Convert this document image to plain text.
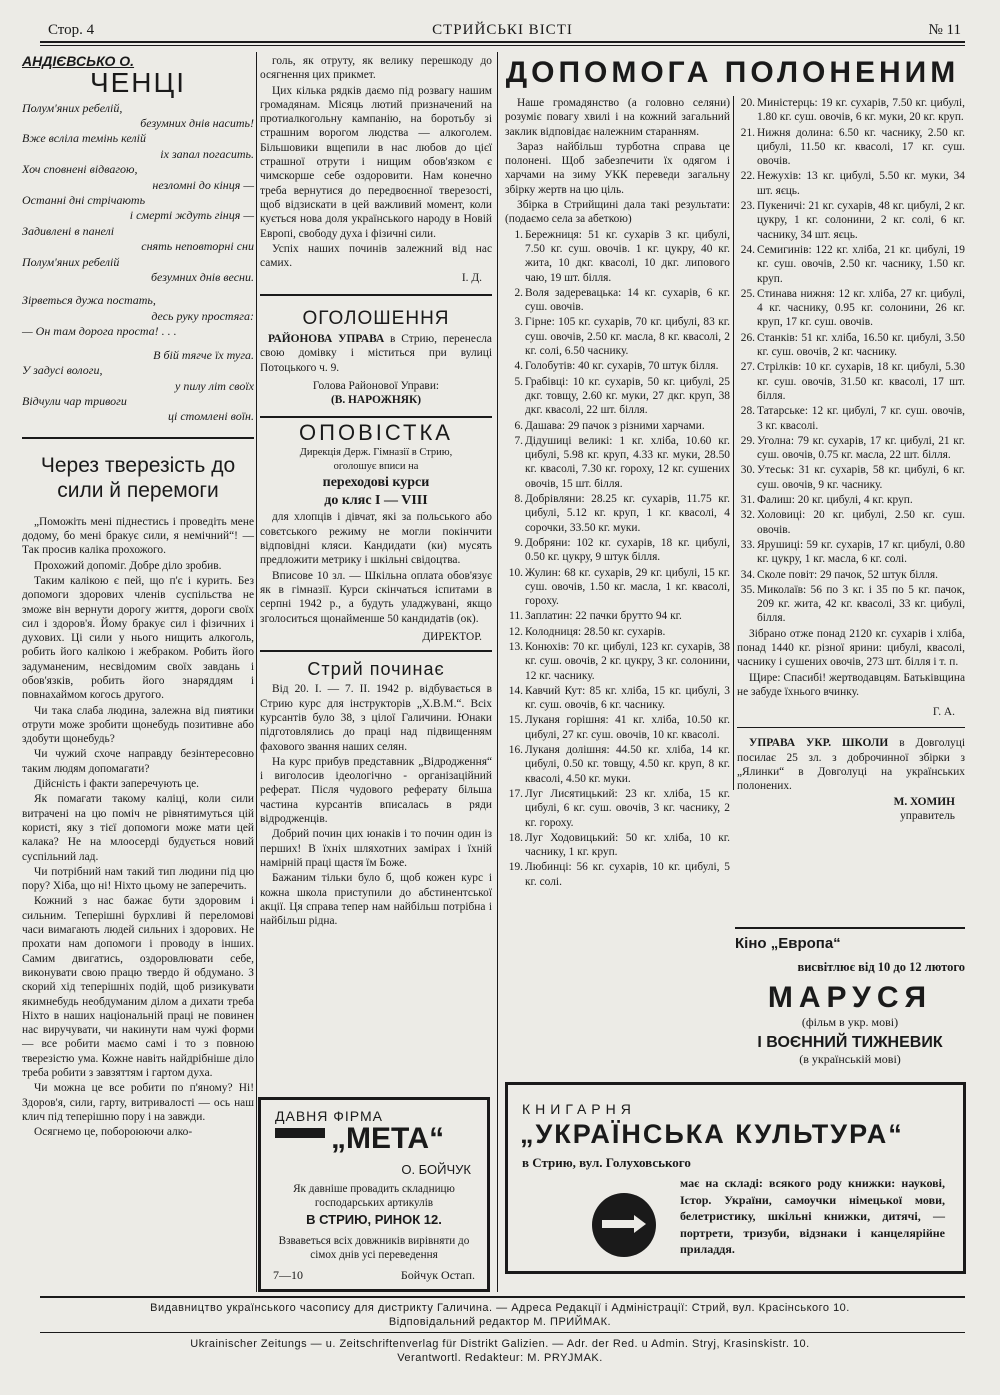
Стор. 4	СТРИЙСЬКІ ВІСТІ	№ 11
АНДІЄВСЬКО О.
ЧЕНЦІ
Полум'яних ребелій,
безумних днів насить!
Вже всліла темінь келій
іх запал погасить.
Хоч сповнені відвагою,
незломні до кінця —
Останні дні стрічають
і смерті ждуть гінця —
Задивлені в панелі
снять неповторні сни
Полум'яних ребелій
безумних днів весни.
Зірветься дужа постать,
десь руку простяга:
— Он там дорога проста! . . .
В бій тягче їх туга.
У задусі вологи,
у пилу літ своїх
Відчули чар тривоги
ці стомлені воїн.
Через тверезість до сили й перемоги

„Поможіть мені піднестись і проведіть мене додому, бо мені бракує сили, я немічний“! — Так просив калiка прохожого.

Прохожий допоміг. Добре діло зробив.

Таким калікою є пей, що п'є і курить. Без допомоги здорових членів суспільства не зможе він вернути дорогу життя, дороги своїх сил і здоров'я. Йому бракує сил і фізичних і духових. Ці сили у нього нищить алкоголь, робить його калікою і жебраком. Робить його задуманеним, несвідомим своїх завдань і обов'язків, робить його знаряддям і повнахаймом когось другого.

Чи така слаба людина, залежна від пиятики отрути може зробити щонебудь позитивне або здобути щонебудь?

Чи чужий схоче направду безінтересовно таким людям допомагати?

Дійсність і факти заперечують це.

Як помагати такому каліці, коли сили витрачені на цю поміч не рівнятимуться цій користі, яку з тієї допомоги може мати цей калака? Не на млоосерді будується новий суспільний лад.

Чи потрібний нам такий тип людини під цю пору? Хіба, що ні! Ніхто цьому не заперечить.

Кожний з нас бажає бути здоровим і сильним. Теперішні бурхливі й переломові часи вимагають людей сильних і здорових. Не прохати нам допомоги і проводу в інших. Самим двигатись, оздоровлювати себе, виконувати свою працю твердо й обдумано. З скорий хід теперішніх подій, щоб ризикувати якимнебудь необдуманим ділом а дихати треба Ніхто в наших національній праці не повинен нас виручувати, чи накинути нам чужі форми — все робити маємо самі і то з повною тверезістю ума. Кожне навіть найдрібніше діло треба робити з завзяттям і гартом духа.

Чи можна це все робити по п'яному? Ні! Здоров'я, сили, гарту, витривалості — ось наш клич під теперішню пору і на завжди.

Осягнемо це, побороюючи алко-

голь, як отруту, як велику перешкоду до осягнення цих прикмет.

Цих кілька рядків даємо під розвагу нашим громадянам. Місяць лютий призначений на протиалкогольну кампанію, на боротьбу зі страшним ворогом людства — алкоголем. Більшовики вщепили в нас любов до цієї страшної отрути і нищим обов'язком є чимскорше себе оздоровити. Нам конечно треба вернутися до передвоєнної тверезості, щоб відзискати в цей важливий момент, коли кується нова доля українського народу в Новій Европі, свободу духа і фізичні сили.

Успіх наших починів залежний від нас самих.

І. Д.
ОГОЛОШЕННЯ

РАЙОНОВА УПРАВА в Стрию, перенесла свою домівку і міститься при вулиці Потоцького ч. 9.

Голова Районової Управи:
(В. НАРОЖНЯК)
ОПОВІСТКА
Дирекція Держ. Гімназії в Стрию,
оголошує вписи на
переходові курси
до кляс I — VIII

для хлопців і дівчат, які за польського або совєтського режиму не могли покінчити відповідні кляси. Кандидати (ки) мусять предложити метрику і шкільні свідоцтва.

Вписове 10 зл. — Шкільна оплата обов'язує як в гімназії. Курси скінчаться іспитами в серпні 1942 р., а будуть уладжувані, якщо зголоситься щонайменше 50 кандидатів (ок).

ДИРЕКТОР.
Стрий починає

Від 20. І. — 7. ІІ. 1942 р. відбувається в Стрию курс для інструкторів „Х.В.М.“. Всіх курсантів було 38, з цілої Галичини. Юнаки підготовлялись до праці над підвищенням фахового звання наших селян.

На курс прибув представник „Відродження“ і виголосив ідеологічно - організаційний реферат. Після чудового реферату більша частина курсантів вписалась в ряди відродженців.

Добрий почин цих юнаків і то почин один із перших! В їхніх шляхотних замірах і їхній намірній праці щастя їм Боже.

Бажаним тільки було б, щоб кожен курс і кожна школа приступили до абстинентської акції. Ця справа тепер нам найбільш потрібна і найбільш рідна.

ДАВНЯ ФІРМА
„МЕТА“
О. БОЙЧУК
Як давніше провадить складницю господарських артикулів
В СТРИЮ, РИНОК 12.
Взваветься всіх довжників вирівняти до сімох днів усі переведення
7—10	Бойчук Остап.
ДОПОМОГА ПОЛОНЕНИМ

Наше громадянство (а головно селяни) розуміє повагу хвилі і на кожний загальний заклик відповідає належним старанням.

Зараз найбільш турботна справа це полонені. Щоб забезпечити їх одягом і харчами на зиму УКК переведи загальну збірку жертв на цю ціль.

Збірка в Стрийщині дала такі результати: (подаємо села за абеткою)

1. Бережниця: 51 кг. сухарів 3 кг. цибулі, 7.50 кг. суш. овочів. 1 кг. цукру, 40 кг. жита, 10 дкг. квасолі, 10 дкг. липового чаю, 19 шт. білля.
2. Воля задеревацька: 14 кг. сухарів, 6 кг. суш. овочів.
3. Гірне: 105 кг. сухарів, 70 кг. цибулі, 83 кг. суш. овочів, 2.50 кг. масла, 8 кг. квасолі, 2 кг. солі, 6.50 часнику.
4. Голобутів: 40 кг. сухарів, 70 штук білля.
5. Грабівці: 10 кг. сухарів, 50 кг. цибулі, 25 дкг. товщу, 2.60 кг. муки, 27 дкг. круп, 38 дкг. квасолі, 22 шт. білля.
6. Дашава: 29 пачок з різними харчами.
7. Дідушиці великі: 1 кг. хліба, 10.60 кг. цибулі, 5.98 кг. круп, 4.33 кг. муки, 28.50 кг. квасолі, 7.30 кг. гороху, 12 кг. сушених овочів, 15 шт. білля.
8. Добрівляни: 28.25 кг. сухарів, 11.75 кг. цибулі, 5.12 кг. круп, 1 кг. квасолі, 4 сорочки, 33.50 кг. муки.
9. Добряни: 102 кг. сухарів, 18 кг. цибулі, 0.50 кг. цукру, 9 штук білля.
10. Жулин: 68 кг. сухарів, 29 кг. цибулі, 15 кг. суш. овочів, 1.50 кг. масла, 1 кг. квасолі, гороху.
11. Заплатин: 22 пачки брутто 94 кг.
12. Колодниця: 28.50 кг. сухарів.
13. Конюхів: 70 кг. цибулі, 123 кг. сухарів, 38 кг. суш. овочів, 2 кг. цукру, 3 кг. солонини, 12 кг. часнику.
14. Кавчий Кут: 85 кг. хліба, 15 кг. цибулі, 3 кг. суш. овочів, 6 кг. часнику.
15. Луканя горішня: 41 кг. хліба, 10.50 кг. цибулі, 27 кг. суш. овочів, 10 кг. квасолі.
16. Луканя долішня: 44.50 кг. хліба, 14 кг. цибулі, 0.50 кг. товщу, 4.50 кг. круп, 8 кг. квасолі, 4.50 кг. муки.
17. Луг Лисятицький: 23 кг. хліба, 15 кг. цибулі, 6 кг. суш. овочів, 3 кг. часнику, 2 кг. гороху.
18. Луг Ходовицький: 50 кг. хліба, 10 кг. часнику, 1 кг. круп.
19. Любинці: 56 кг. сухарів, 10 кг. цибулі, 5 кг. солі.
20. Миністерць: 19 кг. сухарів, 7.50 кг. цибулі, 1.80 кг. суш. овочів, 6 кг. муки, 20 кг. круп.
21. Нижня долина: 6.50 кг. часнику, 2.50 кг. цибулі, 11.50 кг. квасолі, 17 кг. суш. овочів.
22. Нежухів: 13 кг. цибулі, 5.50 кг. муки, 34 шт. яєць.
23. Пукеничі: 21 кг. сухарів, 48 кг. цибулі, 2 кг. цукру, 1 кг. солонини, 2 кг. солі, 6 кг. часнику, 34 шт. яєць.
24. Семигинів: 122 кг. хліба, 21 кг. цибулі, 19 кг. суш. овочів, 2.50 кг. часнику, 1.50 кг. круп.
25. Стинава нижня: 12 кг. хліба, 27 кг. цибулі, 4 кг. часнику, 0.95 кг. солонини, 26 кг. круп, 17 кг. суш. овочів.
26. Станків: 51 кг. хліба, 16.50 кг. цибулі, 3.50 кг. суш. овочів, 2 кг. часнику.
27. Стрілків: 10 кг. сухарів, 18 кг. цибулі, 5.30 кг. суш. овочів, 31.50 кг. квасолі, 17 шт. білля.
28. Татарське: 12 кг. цибулі, 7 кг. суш. овочів, 3 кг. квасолі.
29. Уголна: 79 кг. сухарів, 17 кг. цибулі, 21 кг. суш. овочів, 0.75 кг. масла, 22 шт. білля.
30. Утеськ: 31 кг. сухарів, 58 кг. цибулі, 6 кг. суш. овочів, 9 кг. часнику.
31. Фалиш: 20 кг. цибулі, 4 кг. круп.
32. Холовиці: 20 кг. цибулі, 2.50 кг. суш. овочів.
33. Ярушиці: 59 кг. сухарів, 17 кг. цибулі, 0.80 кг. цукру, 1 кг. масла, 6 кг. солі.
34. Сколе повіт: 29 пачок, 52 штук білля.
35. Миколаїв: 56 по 3 кг. і 35 по 5 кг. пачок, 209 кг. жита, 42 кг. квасолі, 33 кг. цибулі, білля.

Зібрано отже понад 2120 кг. сухарів і хліба, понад 1440 кг. різної ярини: цибулі, квасолі, часнику і сушених овочів, 273 шт. білля і т. п.

Щире: Спасибі! жертводавцям. Батьківщина не забуде їхнього вчинку.

Г. А.

УПРАВА УКР. ШКОЛИ в Довголуці посилає 25 зл. з доброчинної збірки з „Ялинки“ в Довголуці на українських полонених.

М. ХОМИН
управитель
Кіно „Европа“
висвітлює від 10 до 12 лютого
МАРУСЯ
(фільм в укр. мові)
І ВОЄННИЙ ТИЖНЕВИК
(в українській мові)
КНИГАРНЯ
„УКРАЇНСЬКА КУЛЬТУРА“
в Стрию, вул. Голуховського
має на складі: всякого роду книжки: наукові, Істор. України, самоучки німецької мови, белетристику, шкільні книжки, дитячі, — портрети, тризуби, відзнаки і канцелярійне приладдя.
Видавництво українського часопису для дистрикту Галичина. — Адреса Редакції і Адміністрації: Стрий, вул. Красінського 10.
Відповідальний редактор М. ПРИЙМАК.
Ukrainischer Zeitungs — u. Zeitschriftenverlag für Distrikt Galizien. — Adr. der Red. u Admin. Stryj, Krasinskistr. 10.
Verantwortl. Redakteur: M. PRYJMAK.
